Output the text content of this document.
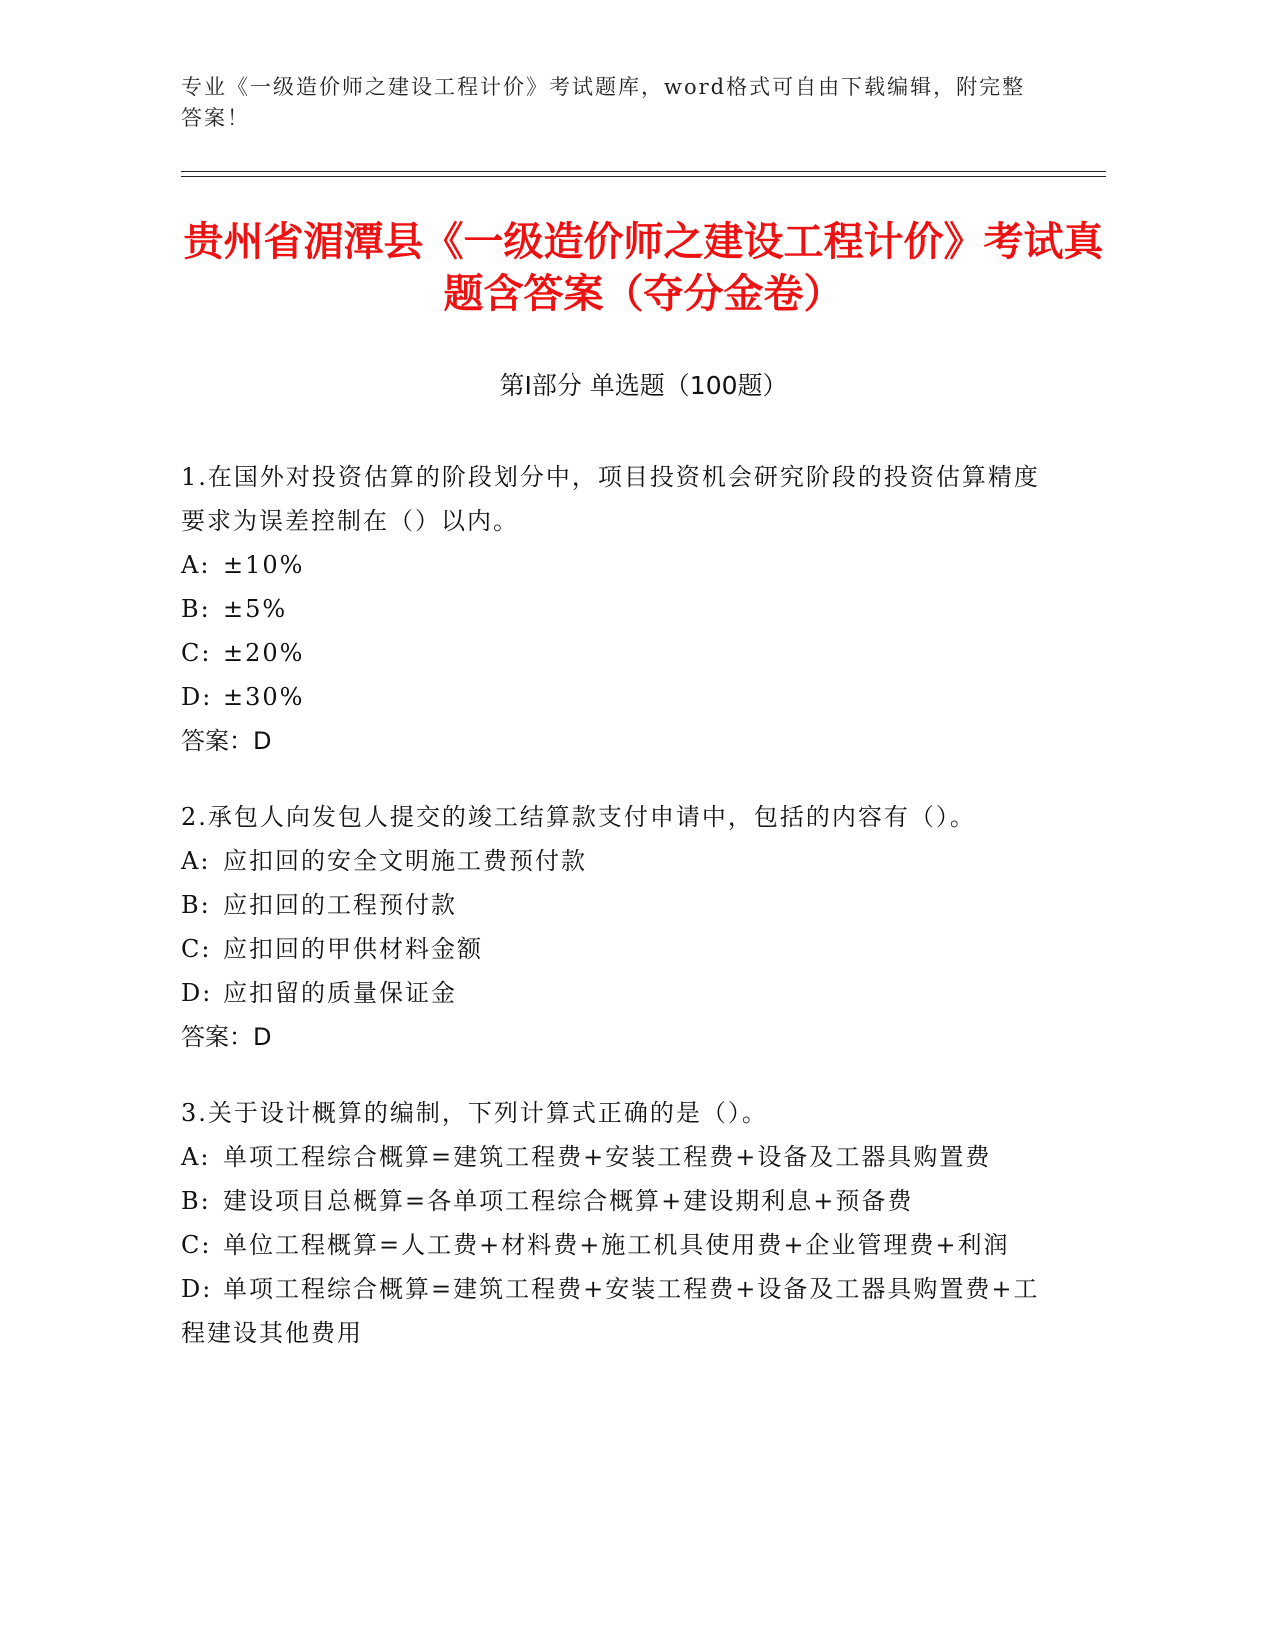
专业《一级造价师之建设工程计价》考试题库，word格式可自由下载编辑，附完整答案！
贵州省湄潭县《一级造价师之建设工程计价》考试真题含答案（夺分金卷）
第Ⅰ部分 单选题（100题）
1.在国外对投资估算的阶段划分中，项目投资机会研究阶段的投资估算精度要求为误差控制在（）以内。
A: ±10%
B: ±5%
C: ±20%
D: ±30%
答案：D
2.承包人向发包人提交的竣工结算款支付申请中，包括的内容有（）。
A: 应扣回的安全文明施工费预付款
B: 应扣回的工程预付款
C: 应扣回的甲供材料金额
D: 应扣留的质量保证金
答案：D
3.关于设计概算的编制，下列计算式正确的是（）。
A: 单项工程综合概算=建筑工程费+安装工程费+设备及工器具购置费
B: 建设项目总概算=各单项工程综合概算+建设期利息+预备费
C: 单位工程概算=人工费+材料费+施工机具使用费+企业管理费+利润
D: 单项工程综合概算=建筑工程费+安装工程费+设备及工器具购置费+工程建设其他费用
